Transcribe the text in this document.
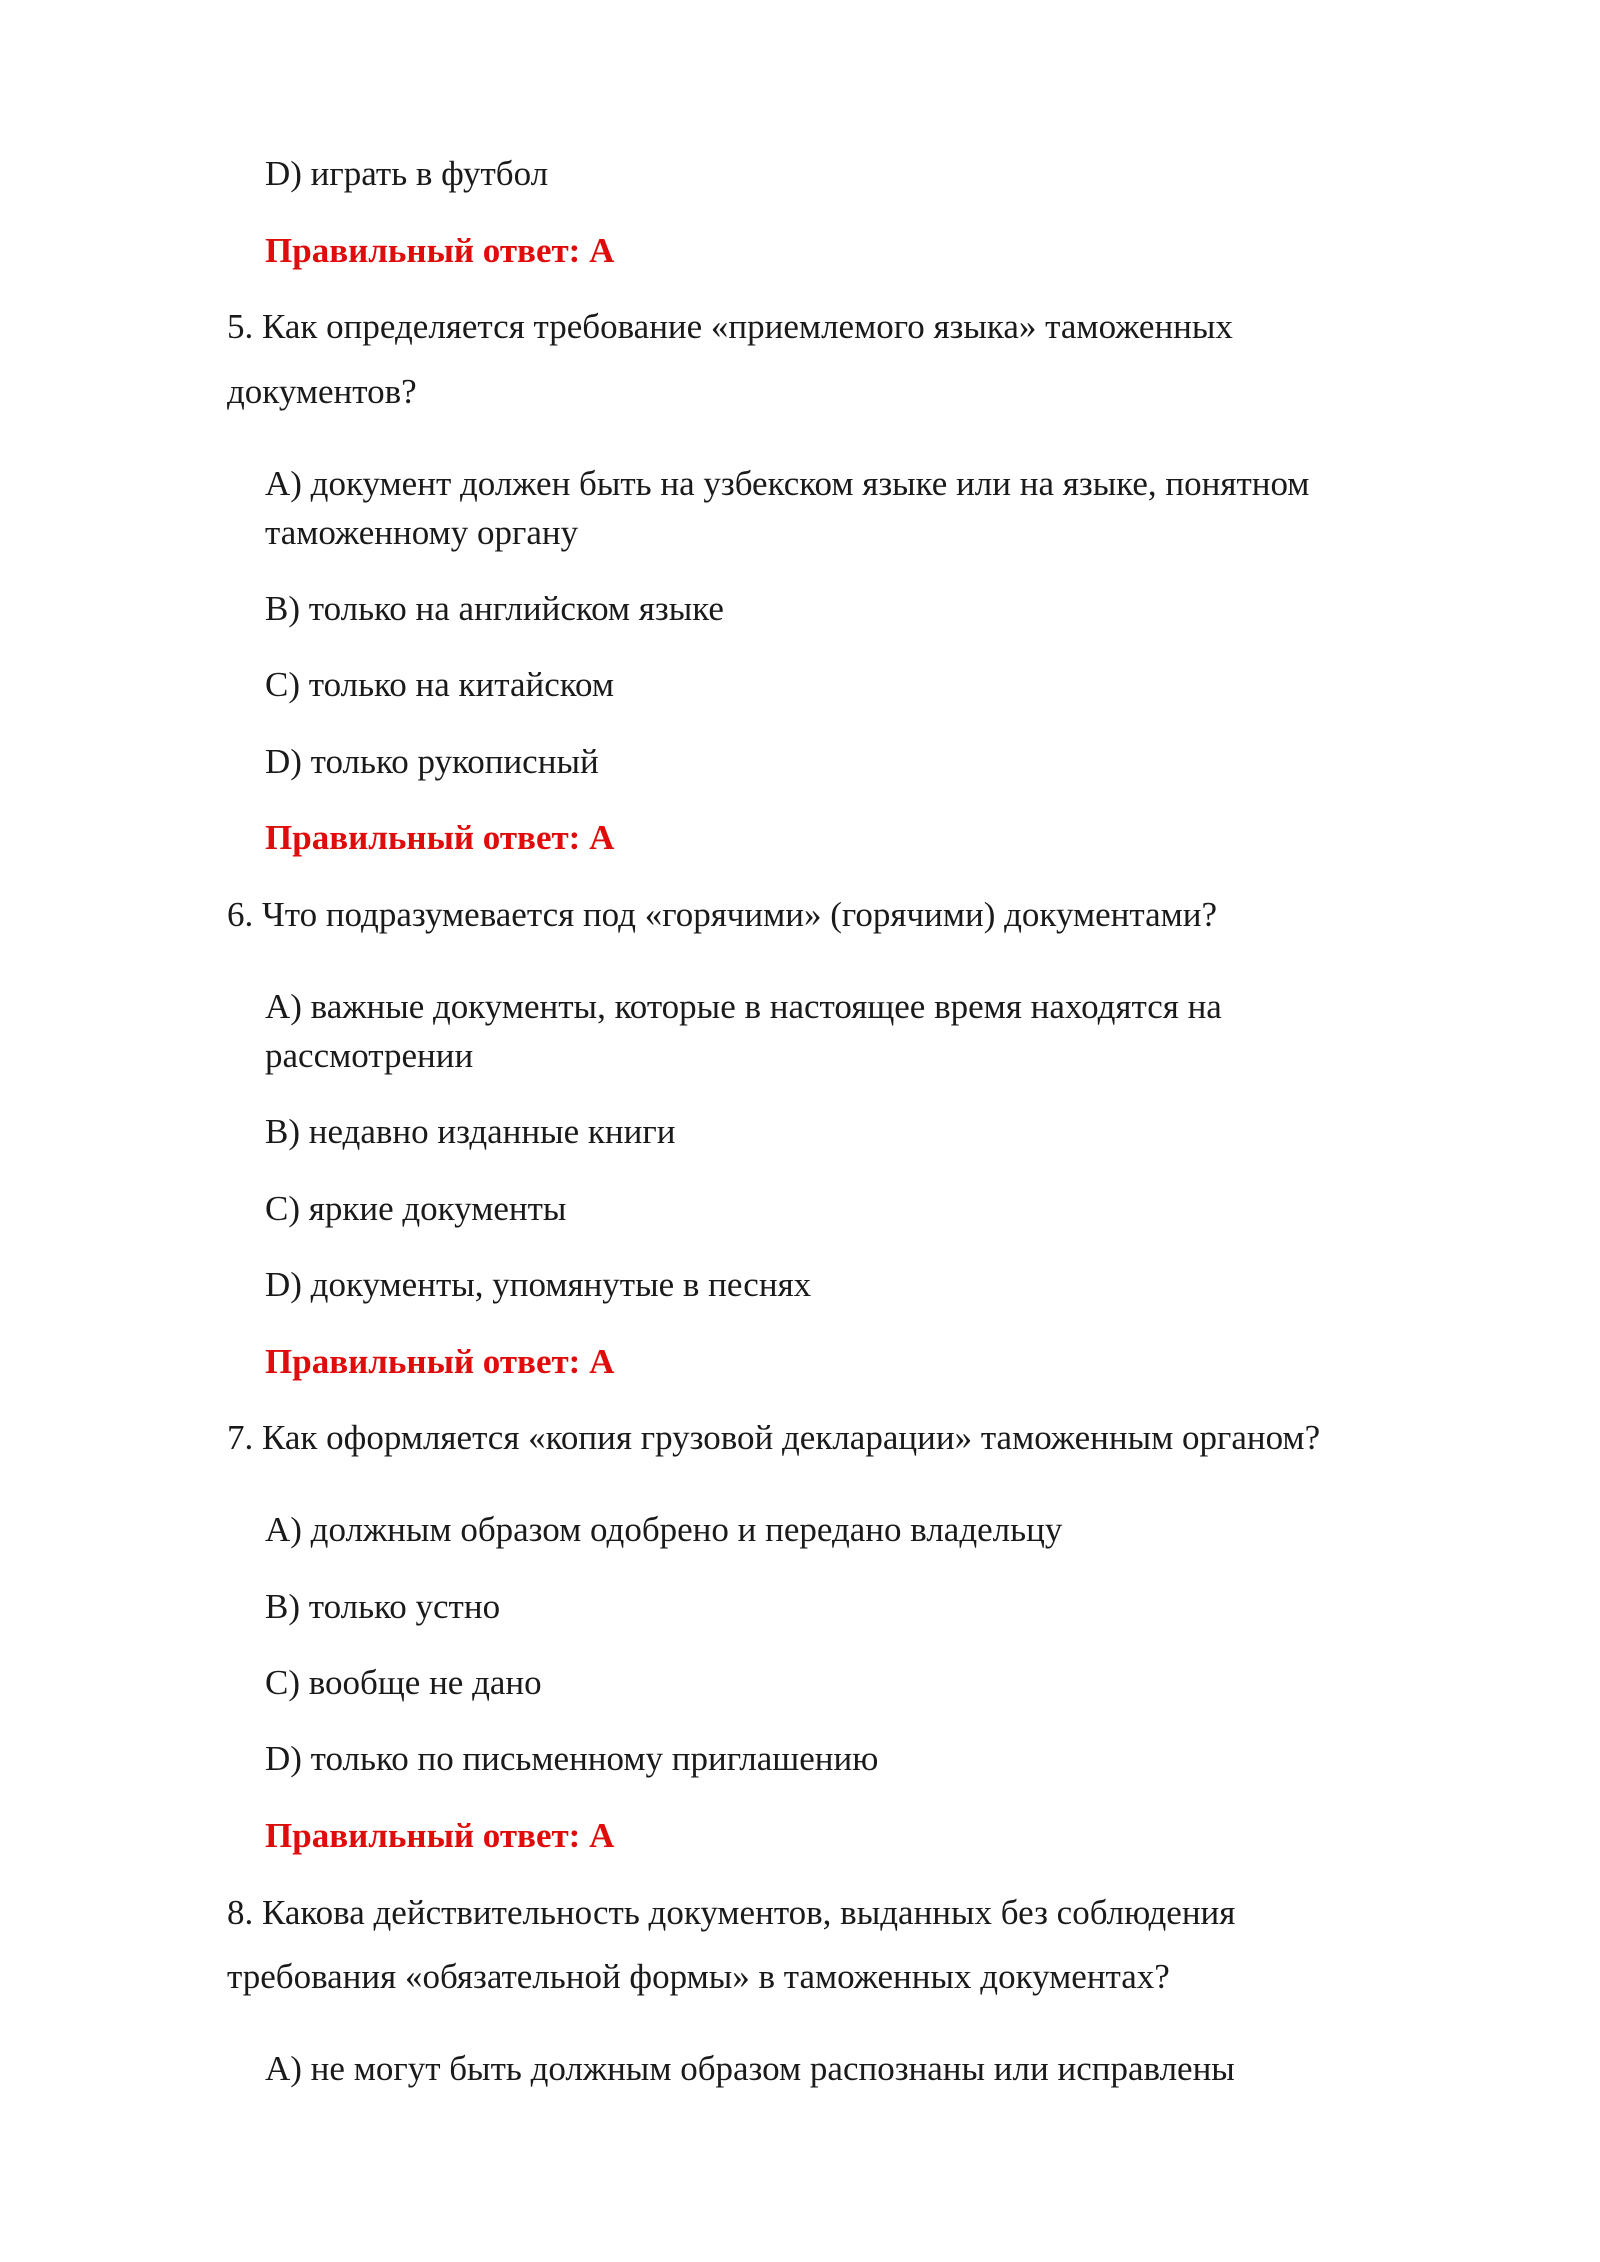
D) играть в футбол

Правильный ответ: A

5. Как определяется требование «приемлемого языка» таможенных

документов?

A) документ должен быть на узбекском языке или на языке, понятном

таможенному органу

B) только на английском языке

C) только на китайском

D) только рукописный

Правильный ответ: A

6. Что подразумевается под «горячими» (горячими) документами?

A) важные документы, которые в настоящее время находятся на

рассмотрении

B) недавно изданные книги

C) яркие документы

D) документы, упомянутые в песнях

Правильный ответ: A

7. Как оформляется «копия грузовой декларации» таможенным органом?

A) должным образом одобрено и передано владельцу

B) только устно

C) вообще не дано

D) только по письменному приглашению

Правильный ответ: A

8. Какова действительность документов, выданных без соблюдения

требования «обязательной формы» в таможенных документах?

A) не могут быть должным образом распознаны или исправлены
